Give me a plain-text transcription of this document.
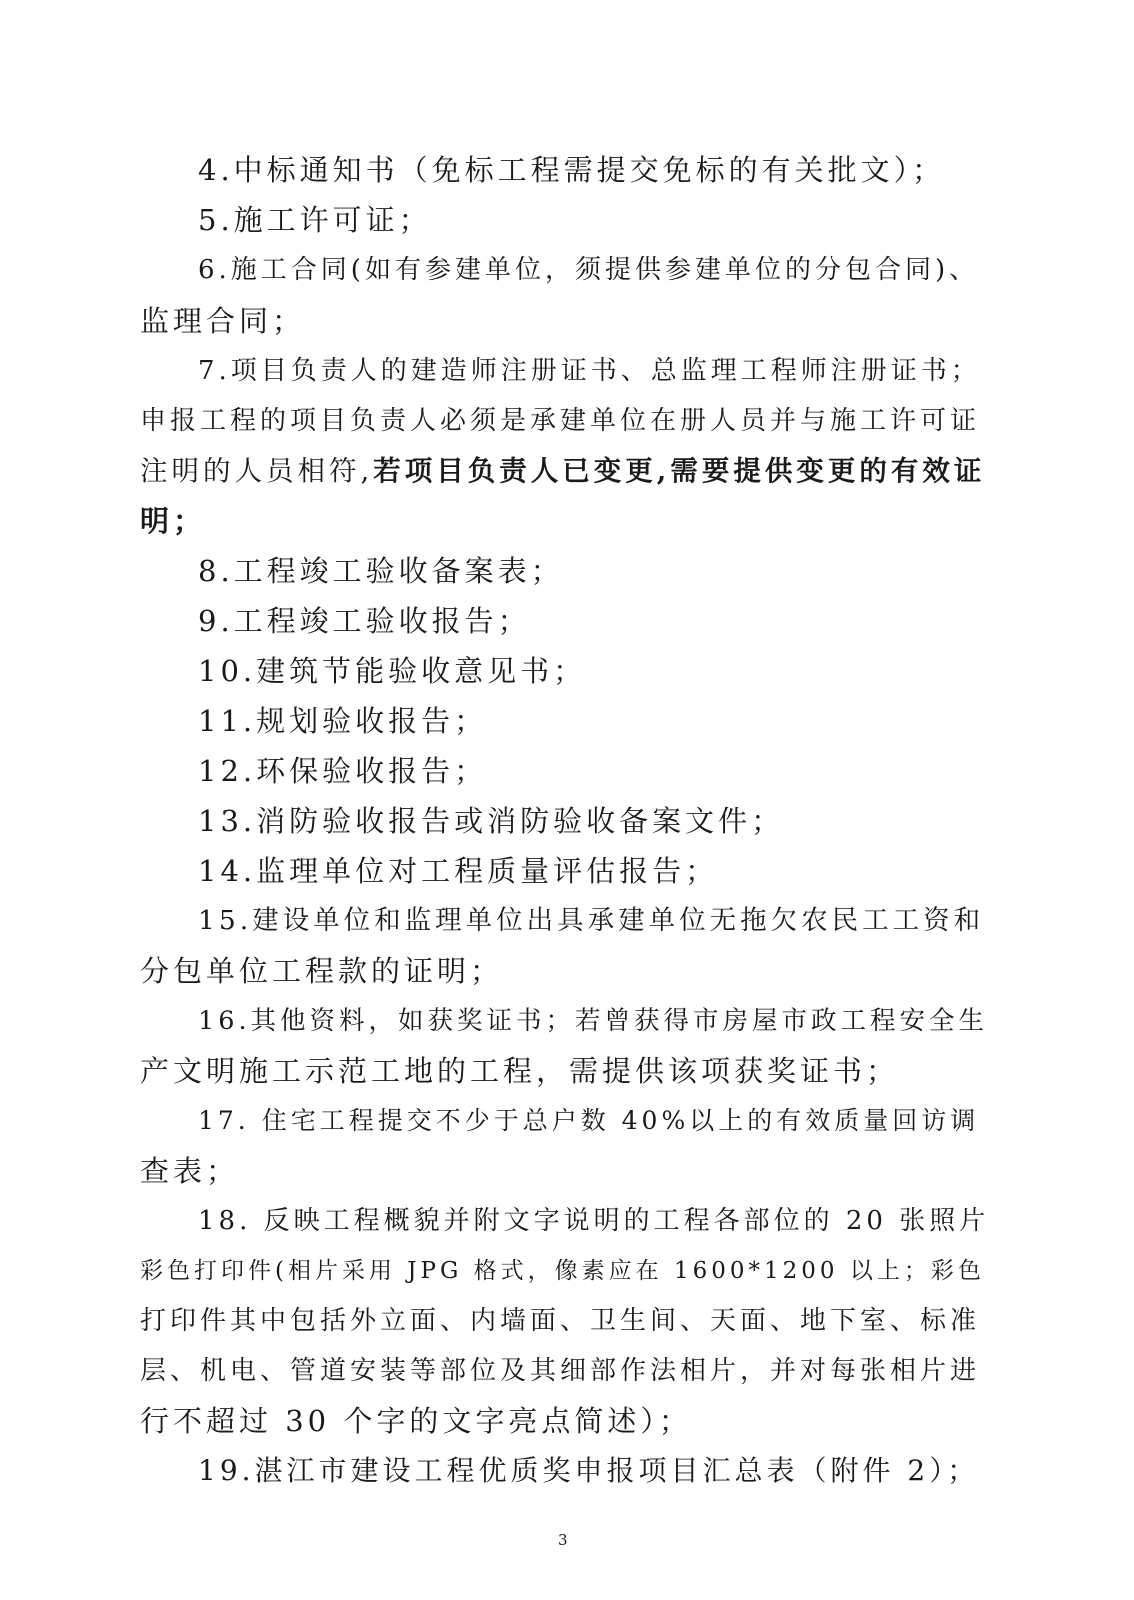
4.中标通知书（免标工程需提交免标的有关批文）；
5.施工许可证；
6.施工合同(如有参建单位，须提供参建单位的分包合同)、
监理合同；
7.项目负责人的建造师注册证书、总监理工程师注册证书；
申报工程的项目负责人必须是承建单位在册人员并与施工许可证
注明的人员相符,若项目负责人已变更,需要提供变更的有效证
明；
8.工程竣工验收备案表；
9.工程竣工验收报告；
10.建筑节能验收意见书；
11.规划验收报告；
12.环保验收报告；
13.消防验收报告或消防验收备案文件；
14.监理单位对工程质量评估报告；
15.建设单位和监理单位出具承建单位无拖欠农民工工资和
分包单位工程款的证明；
16.其他资料，如获奖证书；若曾获得市房屋市政工程安全生
产文明施工示范工地的工程，需提供该项获奖证书；
17. 住宅工程提交不少于总户数 40%以上的有效质量回访调
查表；
18. 反映工程概貌并附文字说明的工程各部位的 20 张照片
彩色打印件(相片采用 JPG 格式，像素应在 1600*1200 以上；彩色
打印件其中包括外立面、内墙面、卫生间、天面、地下室、标准
层、机电、管道安装等部位及其细部作法相片，并对每张相片进
行不超过 30 个字的文字亮点简述）；
19.湛江市建设工程优质奖申报项目汇总表（附件 2）；
3
